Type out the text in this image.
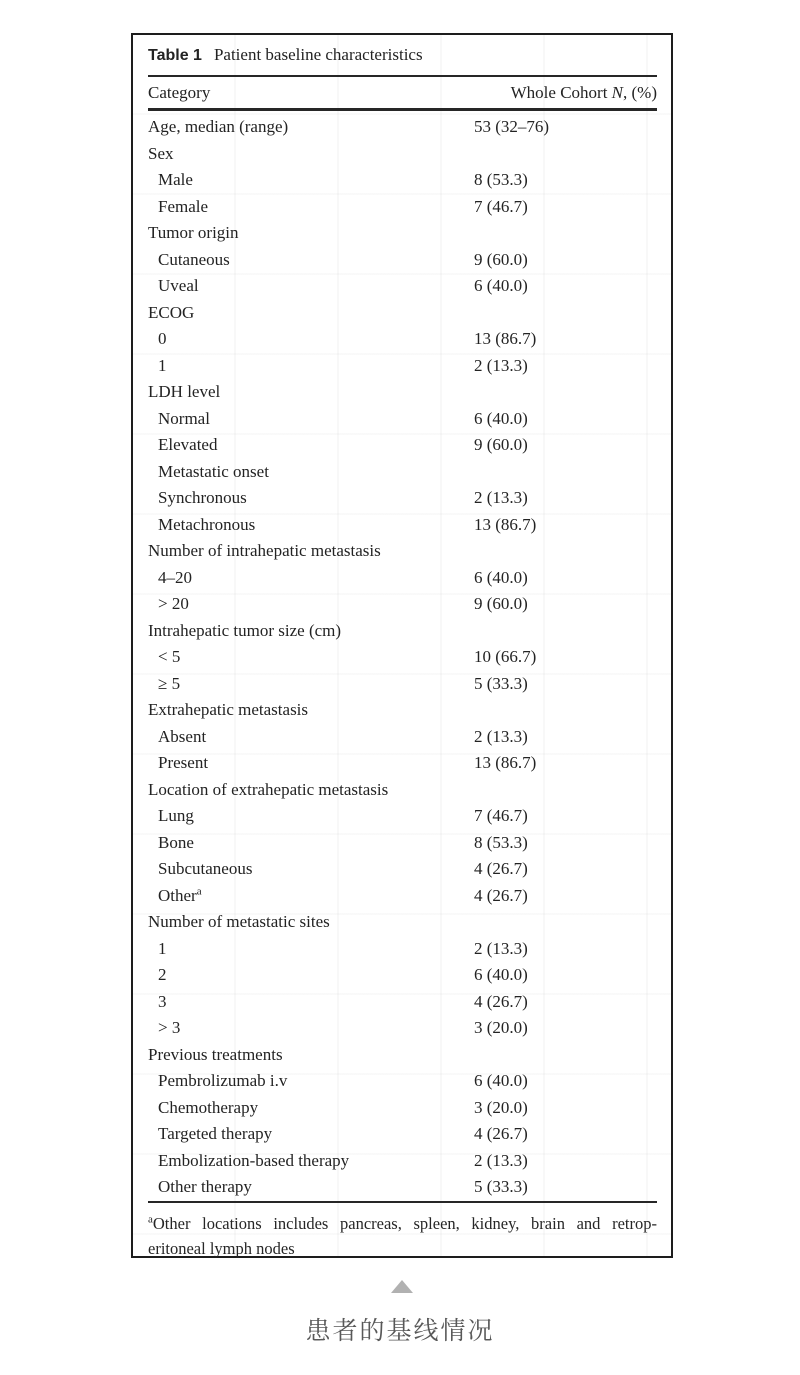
Table 1 Patient baseline characteristics
Category	Whole Cohort N, (%)
Age, median (range)	53 (32–76)
Sex
Male	8 (53.3)
Female	7 (46.7)
Tumor origin
Cutaneous	9 (60.0)
Uveal	6 (40.0)
ECOG
0	13 (86.7)
1	2 (13.3)
LDH level
Normal	6 (40.0)
Elevated	9 (60.0)
Metastatic onset
Synchronous	2 (13.3)
Metachronous	13 (86.7)
Number of intrahepatic metastasis
4–20	6 (40.0)
> 20	9 (60.0)
Intrahepatic tumor size (cm)
< 5	10 (66.7)
≥ 5	5 (33.3)
Extrahepatic metastasis
Absent	2 (13.3)
Present	13 (86.7)
Location of extrahepatic metastasis
Lung	7 (46.7)
Bone	8 (53.3)
Subcutaneous	4 (26.7)
Other$^a$	4 (26.7)
Number of metastatic sites
1	2 (13.3)
2	6 (40.0)
3	4 (26.7)
> 3	3 (20.0)
Previous treatments
Pembrolizumab i.v	6 (40.0)
Chemotherapy	3 (20.0)
Targeted therapy	4 (26.7)
Embolization-based therapy	2 (13.3)
Other therapy	5 (33.3)
$^a$Other locations includes pancreas, spleen, kidney, brain and retrop-
eritoneal lymph nodes
患者的基线情况
